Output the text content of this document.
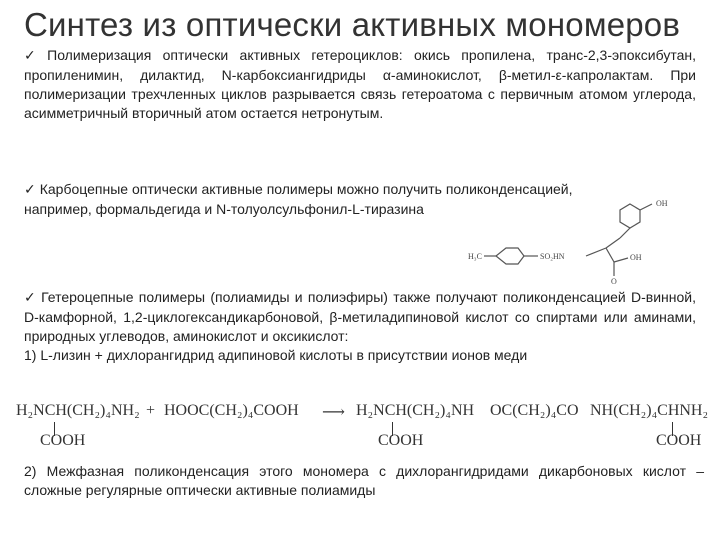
Синтез из оптически активных мономеров
✓ Полимеризация оптически активных гетероциклов: окись пропилена, транс-2,3-эпоксибутан, пропиленимин, дилактид, N-карбоксиангидриды α-аминокислот, β-метил-ε-капролактам. При полимеризации трехчленных циклов разрывается связь гетероатома с первичным атомом углерода, асимметричный вторичный атом остается нетронутым.
✓ Карбоцепные оптически активные полимеры можно получить поликонденсацией,
например, формальдегида и N-толуолсульфонил-L-тиразина	OH
H₃C	SO₂HN	OH
O
✓ Гетероцепные полимеры (полиамиды и полиэфиры) также получают поликонденсацией D-винной, D-камфорной, 1,2-циклогександикарбоновой, β-метиладипиновой кислот со спиртами или аминами, природных углеводов, аминокислот и оксикислот:
1) L-лизин + дихлорангидрид адипиновой кислоты в присутствии ионов меди
H₂NCH(CH₂)₄NH₂ + HOOC(CH₂)₄COOH ⟶ H₂NCH(CH₂)₄NH OC(CH₂)₄CO NH(CH₂)₄CHNH₂
COOH	COOH	COOH
2) Межфазная поликонденсация этого мономера с дихлорангидридами дикарбоновых кислот – сложные регулярные оптически активные полиамиды
